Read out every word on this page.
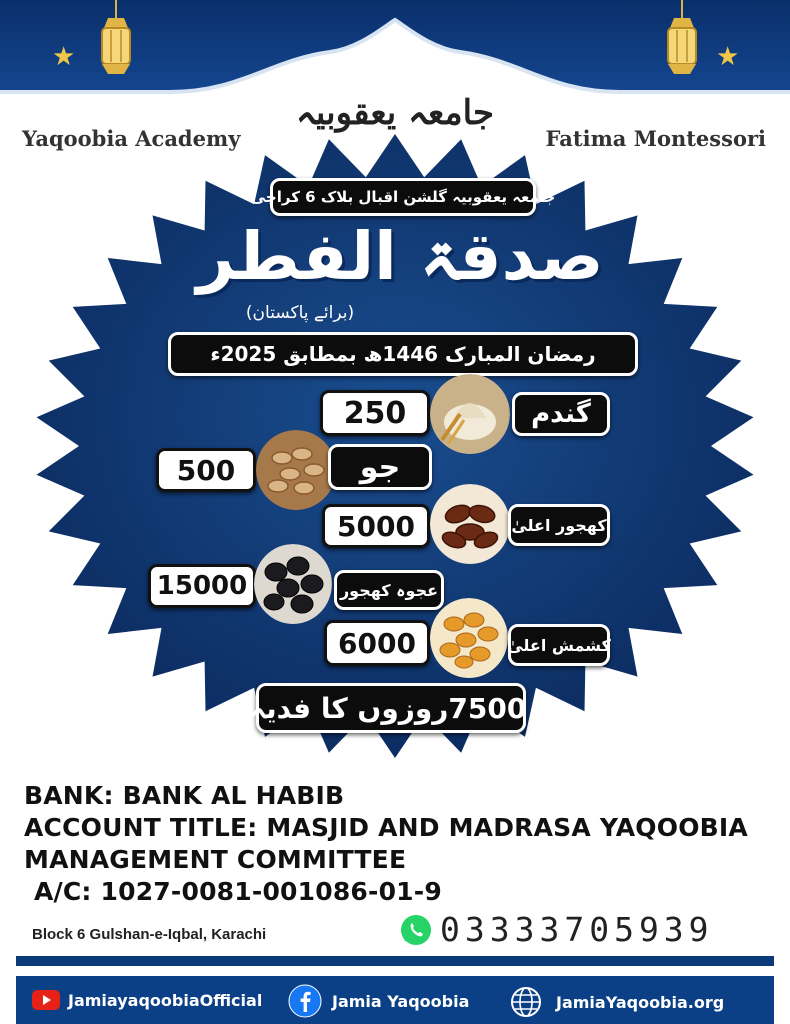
★	★
جامعہ یعقوبیہ
Yaqoobia Academy	Fatima Montessori
جامعہ یعقوبیہ گلشن اقبال بلاک 6 کراچی
صدقۃ الفطر
(برائے پاکستان)
رمضان المبارک 1446ھ بمطابق 2025ء
250	گندم
500	جو
5000	کھجور اعلیٰ
15000	عجوہ کھجور
6000	کشمش اعلیٰ
روزوں کا فدیہ 7500
BANK: BANK AL HABIB
ACCOUNT TITLE: MASJID AND MADRASA YAQOOBIA
MANAGEMENT COMMITTEE
A/C: 1027-0081-001086-01-9
Block 6 Gulshan-e-Iqbal, Karachi	03333705939
JamiayaqoobiaOfficial	Jamia Yaqoobia	JamiaYaqoobia.org
